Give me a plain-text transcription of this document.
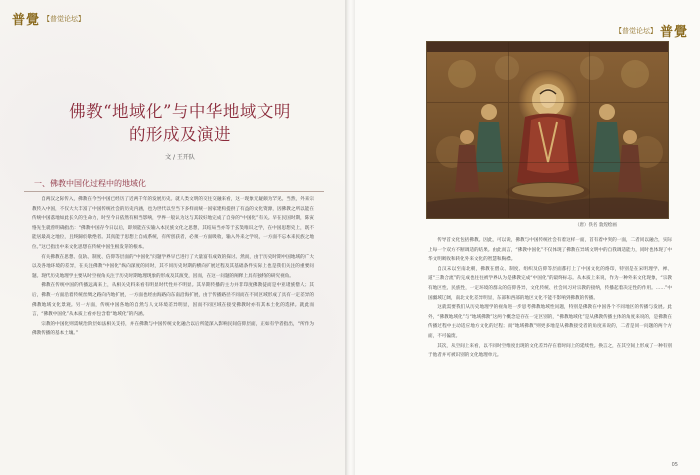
普覺 【普觉论坛】
佛教“地域化”与中华地域文明
的形成及演进
文 / 王开队
一、佛教中国化过程中的地域化

自两汉之际传入，佛教在今当中国已经历了近两千年的发展历史。就人类文明的交往交融来看，这一现象无疑颇为罕见。当然，外来宗教传入中国，不仅大大丰富了中国传统社会的历史内涵，也为世代以至当下多样而统一国家建构提供了有益的文化资源，因佛教之所以能在传统中国落地如此长久的生命力，时至今日依然有相当影响，学界一般认为这与其较好地完成了自身的“中国化”有关。早在民国时期，陈寅恪先生就曾明确指出：“佛教中国存今日以后，即须能在实输入本民族文化之思想，其结局当亦等于玄奘唯识之学，在中国思想史上，既不能居最高之地位，且终歸於歇绝者。其真能于思想上自成系统，有所创获者，必须一方面吸收，输入外来之学说，一方面不忘本来民族之地位。”这已指出中来文化思想在传统中国生根发芽的根本。

有关佛教在思想、仪轨、制度、信仰等层面的“中国化”问题学界早已进行了大量富有成效的探讨。然而，由于历史时期中国地域的广大以及各地环境的差异，在关注佛教“中国化”纵向深度的同时，其不同历史时期的横向扩展过程及其基础条件实际上也是我们关注的重要问题。现代历史地理学主要从时空视角关注于历史时期地理现象的形成及其演变，因而，在这一问题的阐释上具有独特的研究视角。

佛教在传统中国的传播远离来上，从相关史料来看有明显时代性并不明显。其早期传播的主力并非印度佛教徒而是中亚诸族僧人；其后，佛教一方面沿着传统丝绸之路向内地扩展，一方面也经由海路向东南沿海扩展，由于传播路径不同而在不同区域形成了具有一定差异的佛教地域文化景观。另一方面，传统中国各地的自然与人文环境差异明显，因而不同区域在接受佛教时亦有其本土化的选择。就此而言，“佛教中国化”从本质上看亦包含着“地域化”的内涵。

宗教的中国化则需统治阶层如法相关支持，并在佛教与中国传统文化融合以后所能深入影响民间信仰层面，正如有学者指出，“所作为佛教传播的基本土壤。”

【普觉论坛】 普覺
（唐）佚名 敦煌绘画

传导首文化包括佛教。因此，可以说，佛教与中国传统社会有着这样一面，首有着中突的一面，二者同以融合，实际上每一个双方不断调适的结果。由此而言，“佛教中国化”不仅体现了佛教在异域文明中的自我调适能力，同时也体现了中华文明吸收和转化外来文化的智慧和胸襟。

自汉末以至南北朝，佛教在僧众、制度、组织及信仰等层面都打上了中国文化的烙印，特别是在宋明理学、禅、道“三教合流”的完成也往往被学界认为是佛教完成“中国化”的最终标志。从本质上来说，作为一种外来文化现象，“宗教有地区性、民族性，一定环境的群众的信仰各异，文化传统、社会风习对宗教的接纳，传播起着决定性的作用。……”中国疆域辽阔，南北文化差异明显，东部和西部的地区文化不能不影响到佛教的传播。

这就需要我们从历史地理学的视角进一步思考佛教地域性问题，特别是佛教在中国各个不同地区的传播与发展。此外，“佛教地域化”与“地域佛教”这两个概念是存在一定区别的，“佛教地域化”是从佛教传播主体的角度来说的，是佛教在传播过程中主动适应地方文化的过程；而“地域佛教”则更多地是从佛教接受者的角度来说的，二者是同一问题的两个方面，不可偏废。

其次，从空间上来看，以不同时空维度出现的文化差异存在着时间上的延续性。换言之，在其空间上形成了一种有别于他者并可被识别的文化地理单元。

05
